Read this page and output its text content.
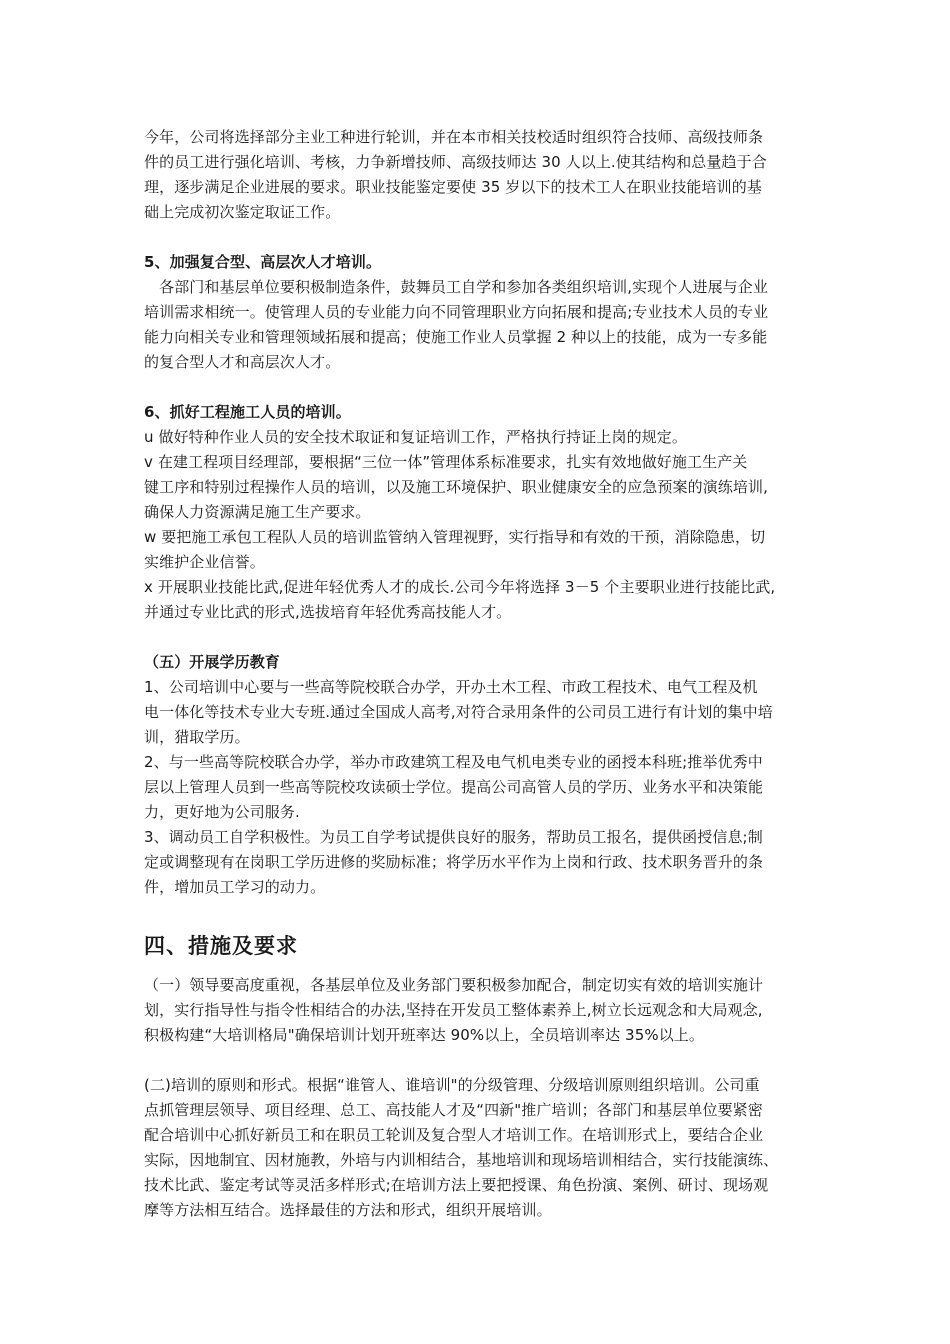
今年，公司将选择部分主业工种进行轮训，并在本市相关技校适时组织符合技师、高级技师条
件的员工进行强化培训、考核，力争新增技师、高级技师达 30 人以上.使其结构和总量趋于合
理，逐步满足企业进展的要求。职业技能鉴定要使 35 岁以下的技术工人在职业技能培训的基
础上完成初次鉴定取证工作。
5、加强复合型、高层次人才培训。
　各部门和基层单位要积极制造条件，鼓舞员工自学和参加各类组织培训,实现个人进展与企业
培训需求相统一。使管理人员的专业能力向不同管理职业方向拓展和提高;专业技术人员的专业
能力向相关专业和管理领域拓展和提高；使施工作业人员掌握 2 种以上的技能，成为一专多能
的复合型人才和高层次人才。
6、抓好工程施工人员的培训。
u 做好特种作业人员的安全技术取证和复证培训工作，严格执行持证上岗的规定。
v 在建工程项目经理部，要根据“三位一体”管理体系标准要求，扎实有效地做好施工生产关
键工序和特别过程操作人员的培训，以及施工环境保护、职业健康安全的应急预案的演练培训,
确保人力资源满足施工生产要求。
w 要把施工承包工程队人员的培训监管纳入管理视野，实行指导和有效的干预，消除隐患，切
实维护企业信誉。
x 开展职业技能比武,促进年轻优秀人才的成长.公司今年将选择 3－5 个主要职业进行技能比武,
并通过专业比武的形式,选拔培育年轻优秀高技能人才。
（五）开展学历教育
1、公司培训中心要与一些高等院校联合办学，开办土木工程、市政工程技术、电气工程及机
电一体化等技术专业大专班.通过全国成人高考,对符合录用条件的公司员工进行有计划的集中培
训，猎取学历。
2、与一些高等院校联合办学，举办市政建筑工程及电气机电类专业的函授本科班;推举优秀中
层以上管理人员到一些高等院校攻读硕士学位。提高公司高管人员的学历、业务水平和决策能
力，更好地为公司服务.
3、调动员工自学积极性。为员工自学考试提供良好的服务，帮助员工报名，提供函授信息;制
定或调整现有在岗职工学历进修的奖励标准；将学历水平作为上岗和行政、技术职务晋升的条
件，增加员工学习的动力。
四、措施及要求
（一）领导要高度重视，各基层单位及业务部门要积极参加配合，制定切实有效的培训实施计
划，实行指导性与指令性相结合的办法,坚持在开发员工整体素养上,树立长远观念和大局观念,
积极构建“大培训格局"确保培训计划开班率达 90%以上，全员培训率达 35%以上。
(二)培训的原则和形式。根据“谁管人、谁培训"的分级管理、分级培训原则组织培训。公司重
点抓管理层领导、项目经理、总工、高技能人才及“四新"推广培训；各部门和基层单位要紧密
配合培训中心抓好新员工和在职员工轮训及复合型人才培训工作。在培训形式上，要结合企业
实际，因地制宜、因材施教，外培与内训相结合，基地培训和现场培训相结合，实行技能演练、
技术比武、鉴定考试等灵活多样形式;在培训方法上要把授课、角色扮演、案例、研讨、现场观
摩等方法相互结合。选择最佳的方法和形式，组织开展培训。
